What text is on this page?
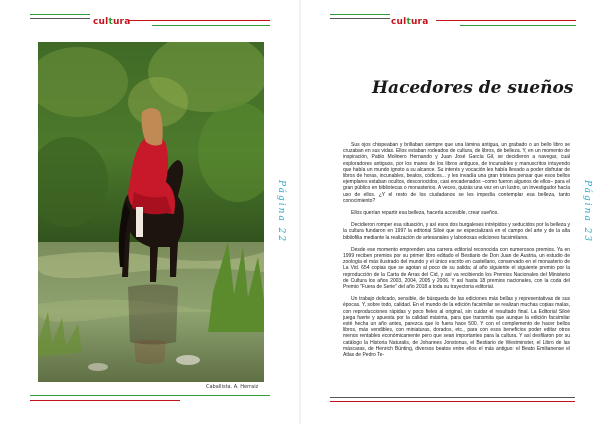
cultura
Caballista. A. Herraiz
Página 22
cultura
Página 23
Hacedores de sueños

Sus ojos chispeaban y brillaban siempre que una lámina antigua, un grabado o un bello libro se cruzaban en sus vidas. Ellos estaban rodeados de cultura, de libros, de belleza. Y, en un momento de inspiración, Pablo Molinero Hernando y Juan José García Gil, se decidieron a navegar, cual exploradores antiguos, por los mares de los libros antiguos, de incunables y manuscritos intuyendo que había un mundo ignoto a su alcance. Su interés y vocación les había llevado a poder disfrutar de libros de horas, incunables, beatos, códices... y les invadía una gran tristeza pensar que esos bellos ejemplares estaban ocultos, desconocidos, casi encadenados –como fueron algunos de ellos– para el gran público en bibliotecas o monasterios. A veces, quizás una vez en un lustro, un investigador hacía uso de ellos. ¿Y el resto de los ciudadanos se les impedía contemplar esa belleza, tanto conocimiento?

Ellos querían repartir esa belleza, hacerla accesible, crear sueños.

Decidieron romper esa situación, y así esos dos burgaleses intrépidos y seducidos por la belleza y la cultura fundaron en 1997 la editorial Siloé que se especializará en el campo del arte y de la alta bibliofilia mediante la realización de artesanales y laboriosas ediciones facsimilares.

Desde ese momento emprenden una carrera editorial reconocida con numerosos premios. Ya en 1999 reciben premios por su primer libro editado el Bestiario de Don Juan de Austria, un estudio de zoología el más ilustrado del mundo y el único escrito en castellano, conservado en el monasterio de La Vid. 654 copias que se agotan al poco de su salida; al año siguiente el siguiente premio por la reproducción de la Carta de Arras del Cid, y así va recibiendo los Premios Nacionales del Ministerio de Cultura los años 2003, 2004, 2005 y 2006. Y así hasta 18 premios nacionales, con la coda del Premio "Fuera de Serie" del año 2018 a toda su trayectoria editorial.

Un trabajo delicado, sensible, de búsqueda de las ediciones más bellas y representativas de sus épocas. Y, sobre todo, calidad. En el mundo de la edición facsimilar se realizan muchas copias malas, con reproducciones rápidas y poco fieles al original, sin cuidar el resultado final. La Editorial Siloé juega fuerte y apuesta por la calidad máxima, para que transmita que aunque la edición facsimilar esté hecha un año antes, parezca que lo fuera hace 500. Y con el complemento de hacer bellos libros, más vendibles, con miniaturas, dorados, etc., para con esos beneficios poder editar otros menos rentables económicamente pero que sean importantes para la cultura. Y así desfilaron por su catálogo la Historia Naturalis, de Johannes Jonstonus, el Bestiario de Westminster, el Libro de las máscaras, de Henrich Bünting, diversos beatos entre ellos el más antiguo: el Beato Emilianense el Atlas de Pedro Te-
